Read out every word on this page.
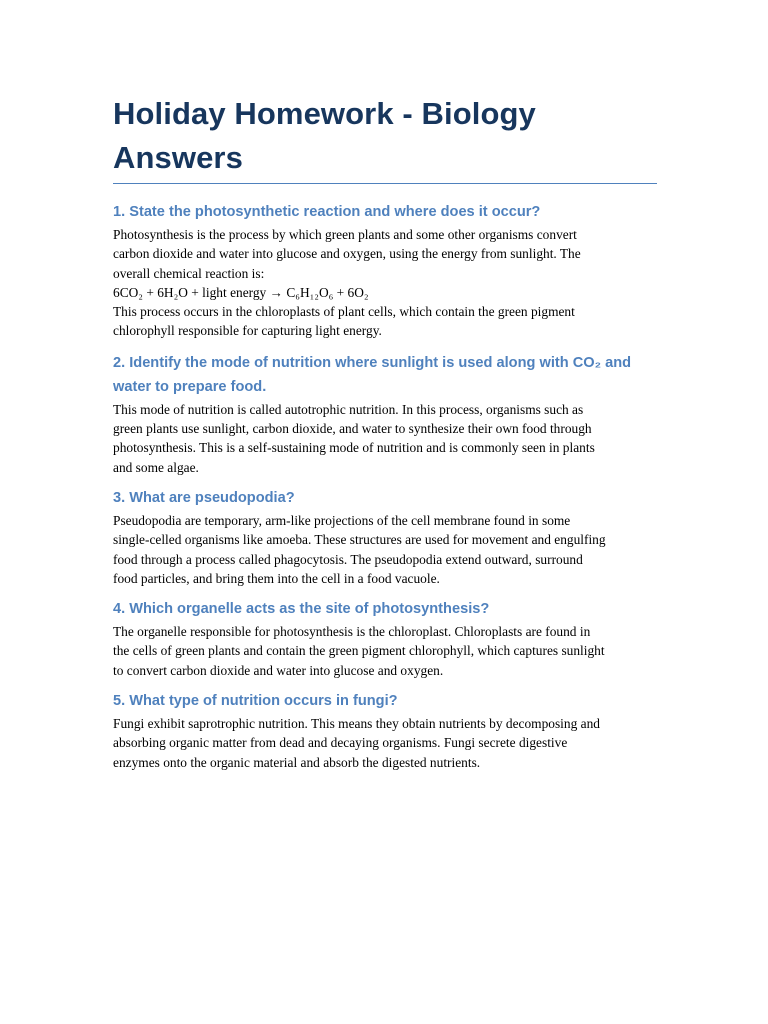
Holiday Homework - Biology Answers

1. State the photosynthetic reaction and where does it occur?

Photosynthesis is the process by which green plants and some other organisms convert
carbon dioxide and water into glucose and oxygen, using the energy from sunlight. The
overall chemical reaction is:
6CO₂ + 6H₂O + light energy → C₆H₁₂O₆ + 6O₂
This process occurs in the chloroplasts of plant cells, which contain the green pigment
chlorophyll responsible for capturing light energy.
2. Identify the mode of nutrition where sunlight is used along with CO₂ and
water to prepare food.
This mode of nutrition is called autotrophic nutrition. In this process, organisms such as
green plants use sunlight, carbon dioxide, and water to synthesize their own food through
photosynthesis. This is a self-sustaining mode of nutrition and is commonly seen in plants
and some algae.

3. What are pseudopodia?

Pseudopodia are temporary, arm-like projections of the cell membrane found in some
single-celled organisms like amoeba. These structures are used for movement and engulfing
food through a process called phagocytosis. The pseudopodia extend outward, surround
food particles, and bring them into the cell in a food vacuole.

4. Which organelle acts as the site of photosynthesis?

The organelle responsible for photosynthesis is the chloroplast. Chloroplasts are found in
the cells of green plants and contain the green pigment chlorophyll, which captures sunlight
to convert carbon dioxide and water into glucose and oxygen.

5. What type of nutrition occurs in fungi?

Fungi exhibit saprotrophic nutrition. This means they obtain nutrients by decomposing and
absorbing organic matter from dead and decaying organisms. Fungi secrete digestive
enzymes onto the organic material and absorb the digested nutrients.
